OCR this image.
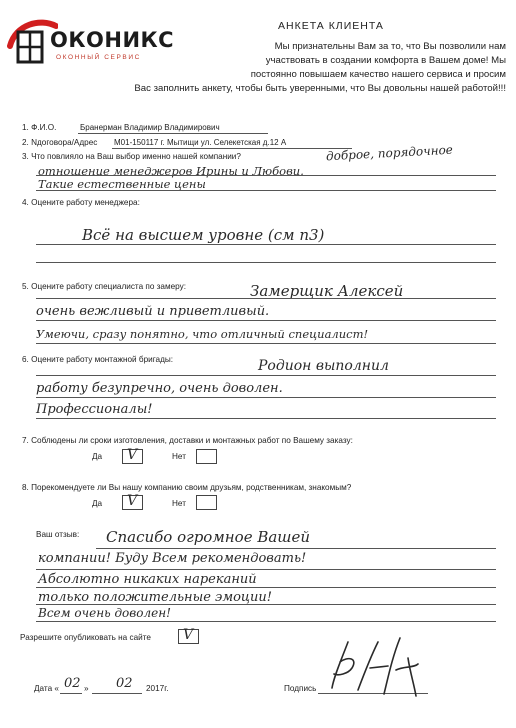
ОКОНИКС
ОКОННЫЙ СЕРВИС
АНКЕТА КЛИЕНТА
Мы признательны Вам за то, что Вы позволили нам
участвовать в создании комфорта в Вашем доме! Мы
постоянно повышаем качество нашего сервиса и просим
Вас заполнить анкету, чтобы быть уверенными, что Вы довольны нашей работой!!!
1. Ф.И.О.	Бранерман Владимир Владимирович
2. Nдоговора/Адрес М01-150117 г. Мытищи ул. Селекетская д.12 А
3. Что повлияло на Ваш выбор именно нашей компании?	доброе, порядочное
отношение менеджеров Ирины и Любови.
Такие естественные цены
4. Оцените работу менеджера:
Всё на высшем уровне (см п3)
5. Оцените работу специалиста по замеру:	Замерщик Алексей
очень вежливый и приветливый.
Умеючи, сразу понятно, что отличный специалист!
6. Оцените работу монтажной бригады:	Родион выполнил
работу безупречно, очень доволен.
Профессионалы!
7. Соблюдены ли сроки изготовления, доставки и монтажных работ по Вашему заказу:
Да V	Нет
8. Порекомендуете ли Вы нашу компанию своим друзьям, родственникам, знакомым?
Да V	Нет
Ваш отзыв: Спасибо огромное Вашей
компании! Буду Всем рекомендовать!
Абсолютно никаких нареканий
только положительные эмоции!
Всем очень доволен!
Разрешите опубликовать на сайте V
Дата « 02 » 02 2017г.	Подпись
